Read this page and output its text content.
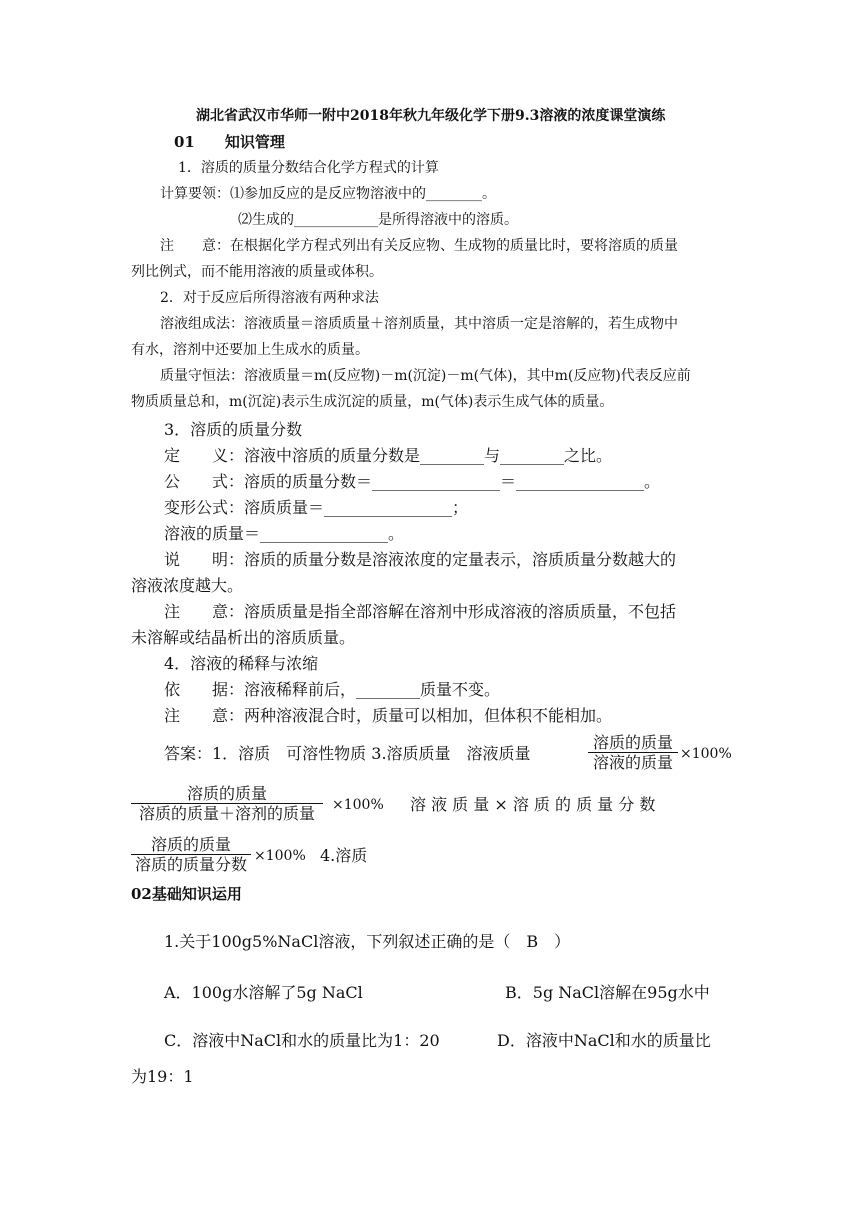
湖北省武汉市华师一附中2018年秋九年级化学下册9.3溶液的浓度课堂演练
01　　知识管理
1．溶质的质量分数结合化学方程式的计算
计算要领：⑴参加反应的是反应物溶液中的________。
⑵生成的____________是所得溶液中的溶质。
注　　意：在根据化学方程式列出有关反应物、生成物的质量比时，要将溶质的质量
列比例式，而不能用溶液的质量或体积。
2．对于反应后所得溶液有两种求法
溶液组成法：溶液质量＝溶质质量＋溶剂质量，其中溶质一定是溶解的，若生成物中
有水，溶剂中还要加上生成水的质量。
质量守恒法：溶液质量＝m(反应物)－m(沉淀)－m(气体)，其中m(反应物)代表反应前
物质质量总和，m(沉淀)表示生成沉淀的质量，m(气体)表示生成气体的质量。
3．溶质的质量分数
定　　义：溶液中溶质的质量分数是________与________之比。
公　　式：溶质的质量分数＝________________＝________________。
变形公式：溶质质量＝________________；
溶液的质量＝________________。
说　　明：溶质的质量分数是溶液浓度的定量表示，溶质质量分数越大的
溶液浓度越大。
注　　意：溶质质量是指全部溶解在溶剂中形成溶液的溶质质量，不包括
未溶解或结晶析出的溶质质量。
4．溶液的稀释与浓缩
依　　据：溶液稀释前后，________质量不变。
注　　意：两种溶液混合时，质量可以相加，但体积不能相加。
答案：1．溶质　可溶性物质 3.溶质质量　溶液质量
溶质的质量
溶液的质量 ×100%
溶质的质量
溶质的质量＋溶剂的质量	×100% 溶 液 质 量 × 溶 质 的 质 量 分 数
溶质的质量
溶质的质量分数 ×100% 4.溶质
02基础知识运用
1.关于100g5%NaCl溶液，下列叙述正确的是（　B　）
A．100g水溶解了5g NaCl	B．5g NaCl溶解在95g水中
C．溶液中NaCl和水的质量比为1：20	D．溶液中NaCl和水的质量比
为19：1
